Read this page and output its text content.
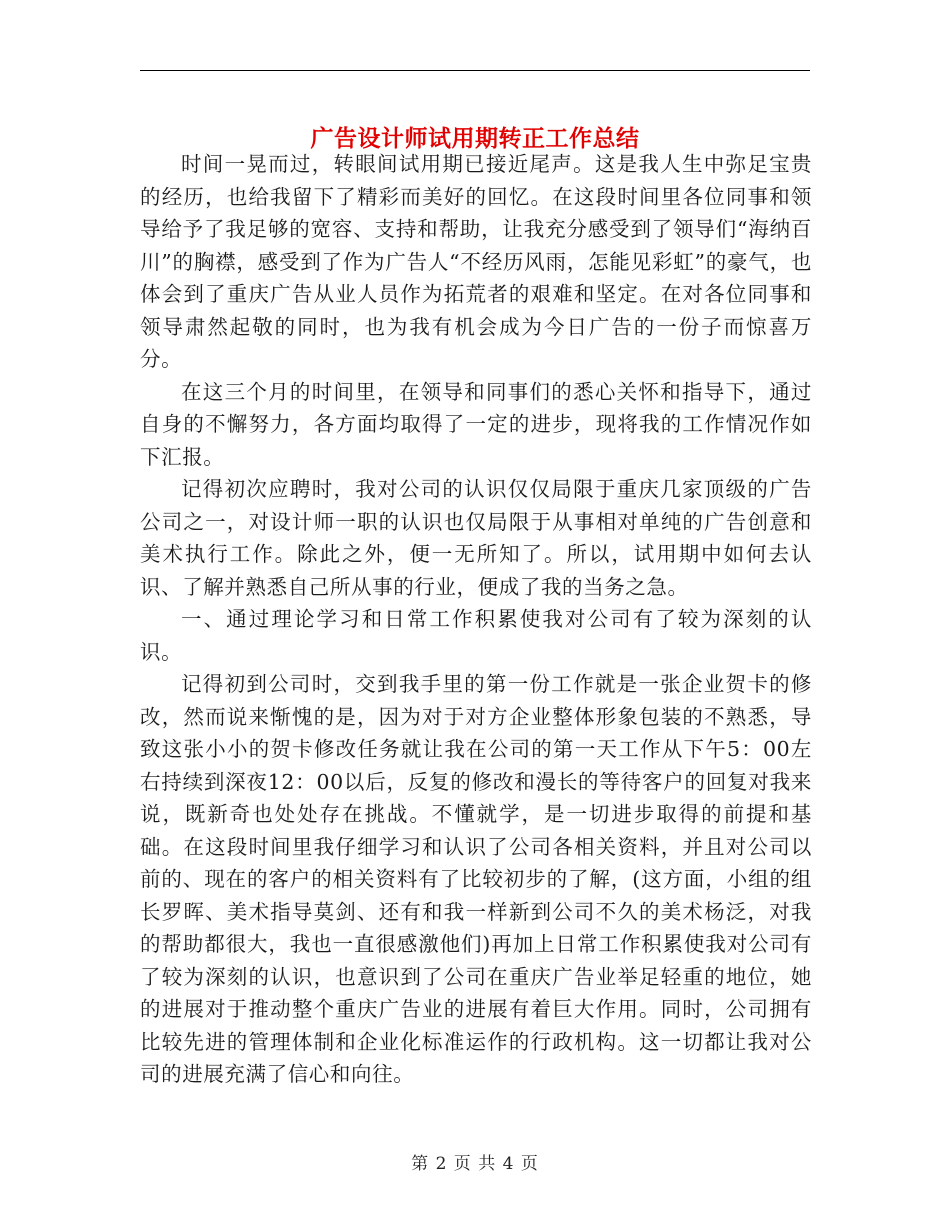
广告设计师试用期转正工作总结

时间一晃而过，转眼间试用期已接近尾声。这是我人生中弥足宝贵的经历，也给我留下了精彩而美好的回忆。在这段时间里各位同事和领导给予了我足够的宽容、支持和帮助，让我充分感受到了领导们“海纳百川”的胸襟，感受到了作为广告人“不经历风雨，怎能见彩虹”的豪气，也体会到了重庆广告从业人员作为拓荒者的艰难和坚定。在对各位同事和领导肃然起敬的同时，也为我有机会成为今日广告的一份子而惊喜万分。

在这三个月的时间里，在领导和同事们的悉心关怀和指导下，通过自身的不懈努力，各方面均取得了一定的进步，现将我的工作情况作如下汇报。

记得初次应聘时，我对公司的认识仅仅局限于重庆几家顶级的广告公司之一，对设计师一职的认识也仅局限于从事相对单纯的广告创意和美术执行工作。除此之外，便一无所知了。所以，试用期中如何去认识、了解并熟悉自己所从事的行业，便成了我的当务之急。

一、通过理论学习和日常工作积累使我对公司有了较为深刻的认识。

记得初到公司时，交到我手里的第一份工作就是一张企业贺卡的修改，然而说来惭愧的是，因为对于对方企业整体形象包装的不熟悉，导致这张小小的贺卡修改任务就让我在公司的第一天工作从下午5：00左右持续到深夜12：00以后，反复的修改和漫长的等待客户的回复对我来说，既新奇也处处存在挑战。不懂就学，是一切进步取得的前提和基础。在这段时间里我仔细学习和认识了公司各相关资料，并且对公司以前的、现在的客户的相关资料有了比较初步的了解，(这方面，小组的组长罗晖、美术指导莫剑、还有和我一样新到公司不久的美术杨泛，对我的帮助都很大，我也一直很感激他们)再加上日常工作积累使我对公司有了较为深刻的认识，也意识到了公司在重庆广告业举足轻重的地位，她的进展对于推动整个重庆广告业的进展有着巨大作用。同时，公司拥有比较先进的管理体制和企业化标准运作的行政机构。这一切都让我对公司的进展充满了信心和向往。

第 2 页 共 4 页
